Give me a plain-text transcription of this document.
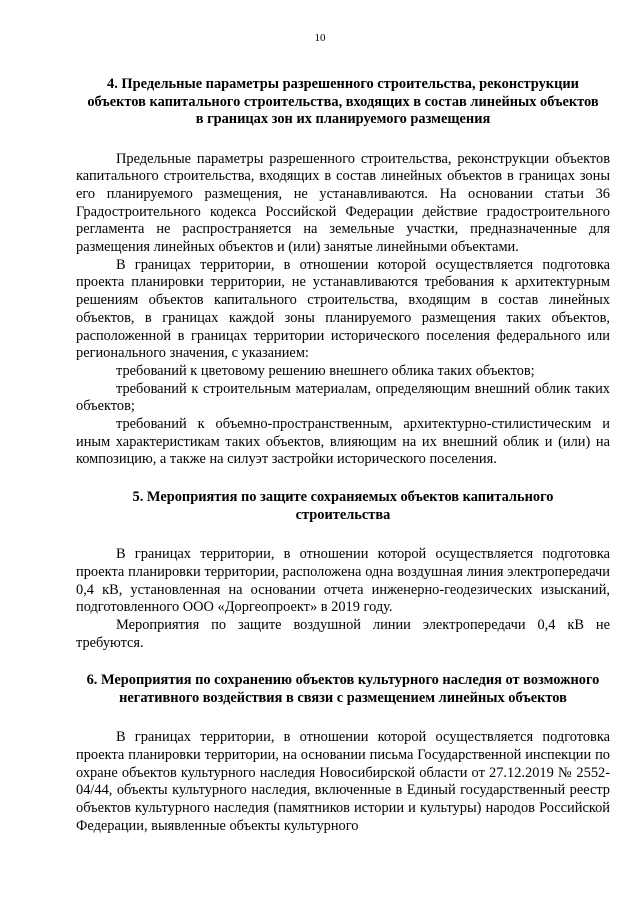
10

4. Предельные параметры разрешенного строительства, реконструкции объектов капитального строительства, входящих в состав линейных объектов в границах зон их планируемого размещения

Предельные параметры разрешенного строительства, реконструкции объектов капитального строительства, входящих в состав линейных объектов в границах зоны его планируемого размещения, не устанавливаются. На основании статьи 36 Градостроительного кодекса Российской Федерации действие градостроительного регламента не распространяется на земельные участки, предназначенные для размещения линейных объектов и (или) занятые линейными объектами.

В границах территории, в отношении которой осуществляется подготовка проекта планировки территории, не устанавливаются требования к архитектурным решениям объектов капитального строительства, входящим в состав линейных объектов, в границах каждой зоны планируемого размещения таких объектов, расположенной в границах территории исторического поселения федерального или регионального значения, с указанием:

требований к цветовому решению внешнего облика таких объектов;

требований к строительным материалам, определяющим внешний облик таких объектов;

требований к объемно-пространственным, архитектурно-стилистическим и иным характеристикам таких объектов, влияющим на их внешний облик и (или) на композицию, а также на силуэт застройки исторического поселения.

5. Мероприятия по защите сохраняемых объектов капитального строительства

В границах территории, в отношении которой осуществляется подготовка проекта планировки территории, расположена одна воздушная линия электропередачи 0,4 кВ, установленная на основании отчета инженерно-геодезических изысканий, подготовленного ООО «Доргеопроект» в 2019 году.

Мероприятия по защите воздушной линии электропередачи 0,4 кВ не требуются.

6. Мероприятия по сохранению объектов культурного наследия от возможного негативного воздействия в связи с размещением линейных объектов

В границах территории, в отношении которой осуществляется подготовка проекта планировки территории, на основании письма Государственной инспекции по охране объектов культурного наследия Новосибирской области от 27.12.2019 № 2552-04/44, объекты культурного наследия, включенные в Единый государственный реестр объектов культурного наследия (памятников истории и культуры) народов Российской Федерации, выявленные объекты культурного
